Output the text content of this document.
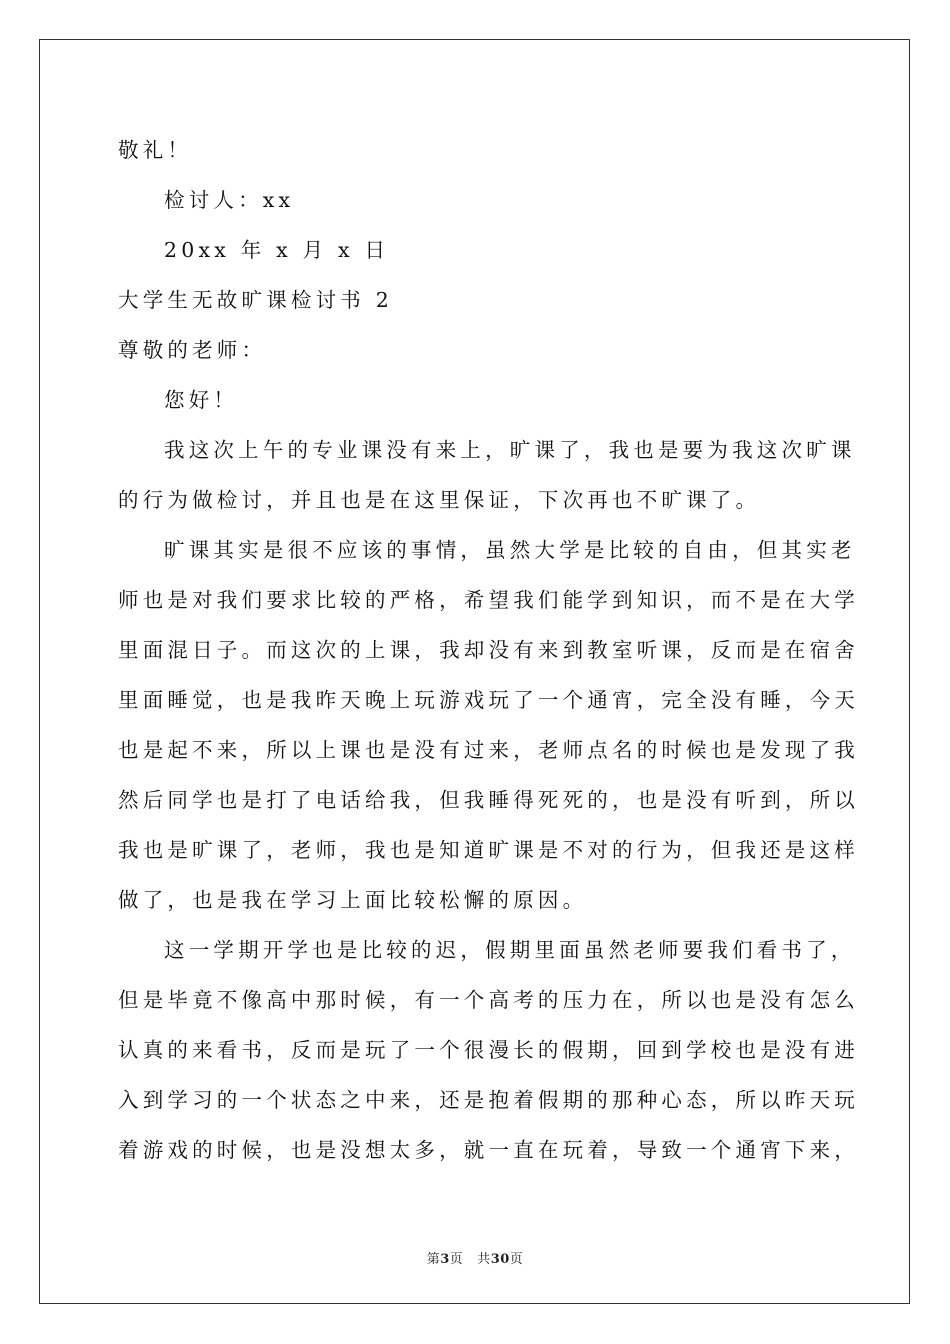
敬礼！
检讨人：xx
20xx 年 x 月 x 日
大学生无故旷课检讨书 2
尊敬的老师：
您好！
我这次上午的专业课没有来上，旷课了，我也是要为我这次旷课
的行为做检讨，并且也是在这里保证，下次再也不旷课了。
旷课其实是很不应该的事情，虽然大学是比较的自由，但其实老
师也是对我们要求比较的严格，希望我们能学到知识，而不是在大学
里面混日子。而这次的上课，我却没有来到教室听课，反而是在宿舍
里面睡觉，也是我昨天晚上玩游戏玩了一个通宵，完全没有睡，今天
也是起不来，所以上课也是没有过来，老师点名的时候也是发现了我
然后同学也是打了电话给我，但我睡得死死的，也是没有听到，所以
我也是旷课了，老师，我也是知道旷课是不对的行为，但我还是这样
做了，也是我在学习上面比较松懈的原因。
这一学期开学也是比较的迟，假期里面虽然老师要我们看书了，
但是毕竟不像高中那时候，有一个高考的压力在，所以也是没有怎么
认真的来看书，反而是玩了一个很漫长的假期，回到学校也是没有进
入到学习的一个状态之中来，还是抱着假期的那种心态，所以昨天玩
着游戏的时候，也是没想太多，就一直在玩着，导致一个通宵下来，
第3页 共30页
